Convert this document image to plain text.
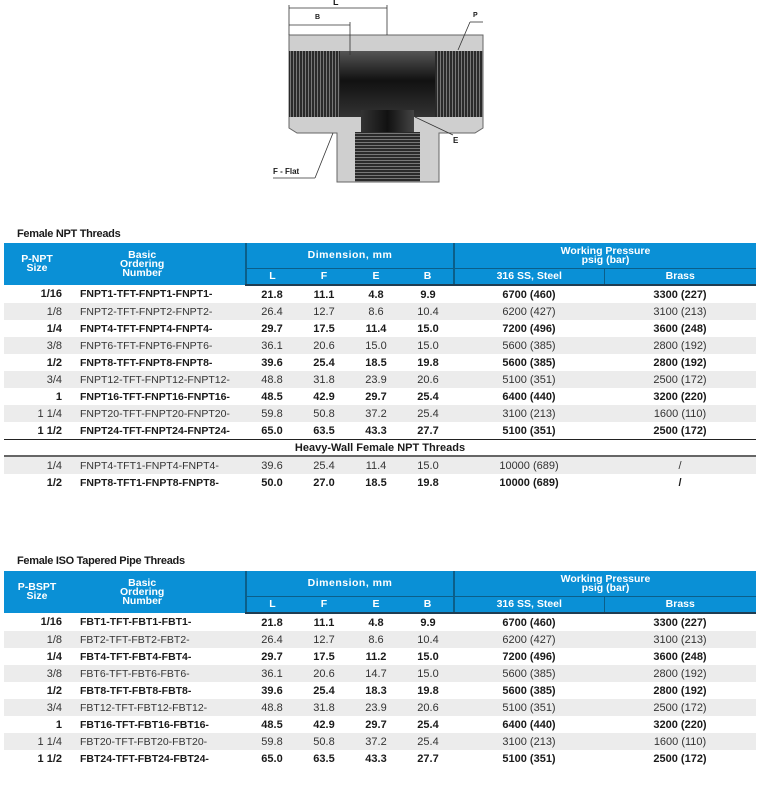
L
B	P
E
F - Flat
Female NPT Threads
P-NPT
Size

Basic
Ordering
Number
	Dimension, mm	Working Pressure
psig (bar)

		L	F	E	B	316 SS, Steel	Brass
1/16	FNPT1-TFT-FNPT1-FNPT1-	21.8	11.1	4.8	9.9	6700 (460)	3300 (227)
1/8	FNPT2-TFT-FNPT2-FNPT2-	26.4	12.7	8.6	10.4	6200 (427)	3100 (213)
1/4	FNPT4-TFT-FNPT4-FNPT4-	29.7	17.5	11.4	15.0	7200 (496)	3600 (248)
3/8	FNPT6-TFT-FNPT6-FNPT6-	36.1	20.6	15.0	15.0	5600 (385)	2800 (192)
1/2	FNPT8-TFT-FNPT8-FNPT8-	39.6	25.4	18.5	19.8	5600 (385)	2800 (192)
3/4	FNPT12-TFT-FNPT12-FNPT12-	48.8	31.8	23.9	20.6	5100 (351)	2500 (172)
1	FNPT16-TFT-FNPT16-FNPT16-	48.5	42.9	29.7	25.4	6400 (440)	3200 (220)
1 1/4	FNPT20-TFT-FNPT20-FNPT20-	59.8	50.8	37.2	25.4	3100 (213)	1600 (110)
1 1/2	FNPT24-TFT-FNPT24-FNPT24-	65.0	63.5	43.3	27.7	5100 (351)	2500 (172)
Heavy-Wall Female NPT Threads							
1/4	FNPT4-TFT1-FNPT4-FNPT4-	39.6	25.4	11.4	15.0	10000 (689)	/
1/2	FNPT8-TFT1-FNPT8-FNPT8-	50.0	27.0	18.5	19.8	10000 (689)	/
Female ISO Tapered Pipe Threads
P-BSPT
Size

Basic
Ordering
Number
	Dimension, mm	Working Pressure
psig (bar)

		L	F	E	B	316 SS, Steel	Brass
1/16	FBT1-TFT-FBT1-FBT1-	21.8	11.1	4.8	9.9	6700 (460)	3300 (227)
1/8	FBT2-TFT-FBT2-FBT2-	26.4	12.7	8.6	10.4	6200 (427)	3100 (213)
1/4	FBT4-TFT-FBT4-FBT4-	29.7	17.5	11.2	15.0	7200 (496)	3600 (248)
3/8	FBT6-TFT-FBT6-FBT6-	36.1	20.6	14.7	15.0	5600 (385)	2800 (192)
1/2	FBT8-TFT-FBT8-FBT8-	39.6	25.4	18.3	19.8	5600 (385)	2800 (192)
3/4	FBT12-TFT-FBT12-FBT12-	48.8	31.8	23.9	20.6	5100 (351)	2500 (172)
1	FBT16-TFT-FBT16-FBT16-	48.5	42.9	29.7	25.4	6400 (440)	3200 (220)
1 1/4	FBT20-TFT-FBT20-FBT20-	59.8	50.8	37.2	25.4	3100 (213)	1600 (110)
1 1/2	FBT24-TFT-FBT24-FBT24-	65.0	63.5	43.3	27.7	5100 (351)	2500 (172)
